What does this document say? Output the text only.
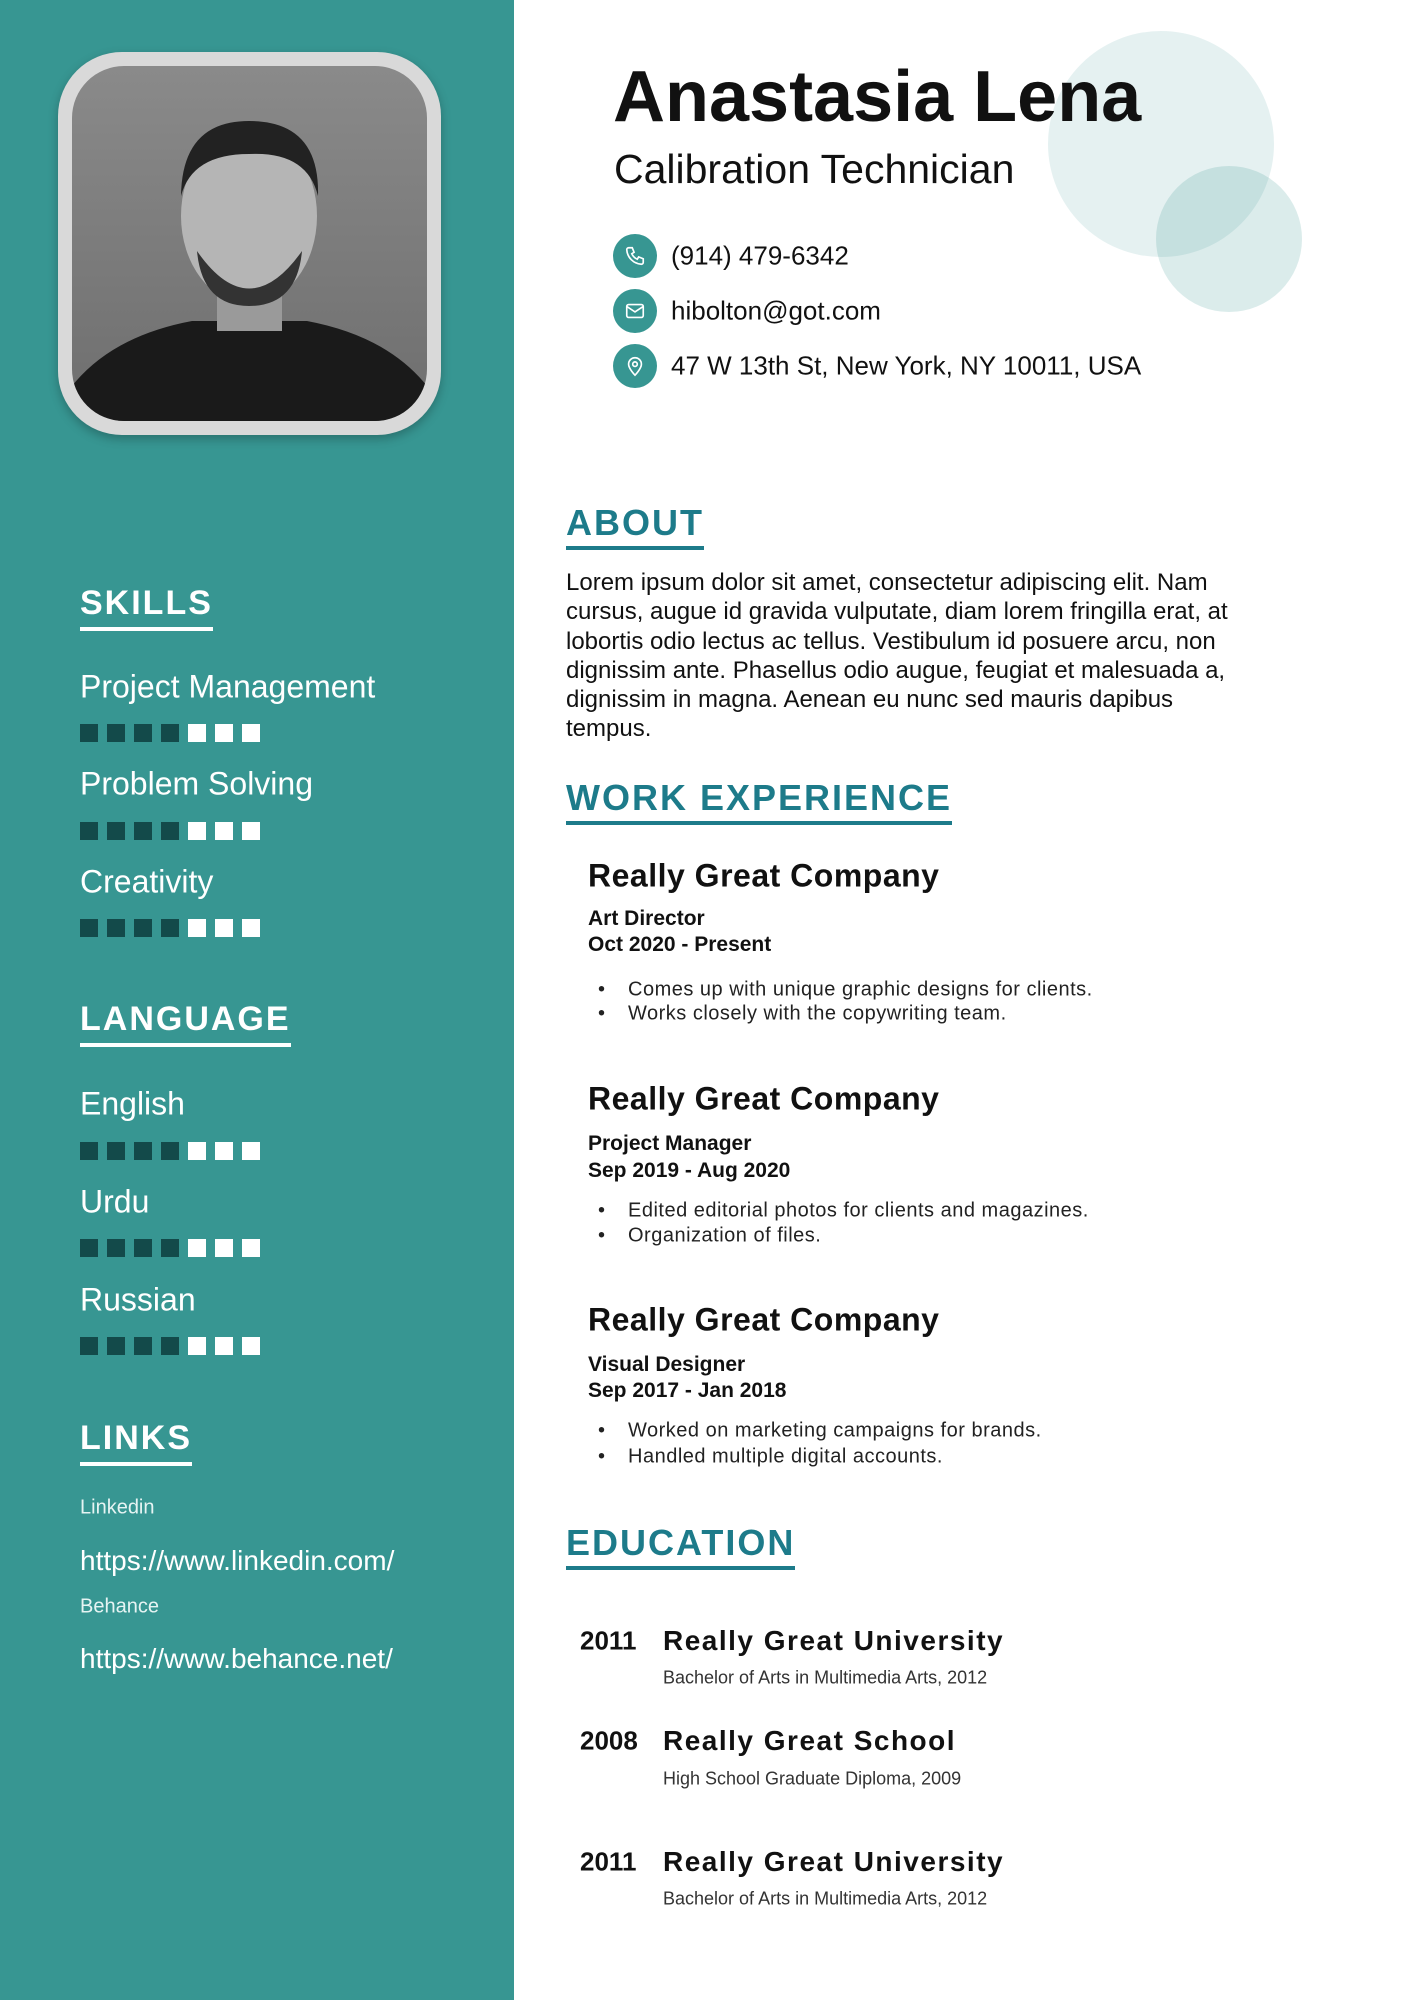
SKILLS
Project Management
Problem Solving
Creativity
LANGUAGE
English
Urdu
Russian
LINKS
Linkedin
https://www.linkedin.com/
Behance
https://www.behance.net/
Anastasia Lena
Calibration Technician
(914) 479-6342
hibolton@got.com
47 W 13th St, New York, NY 10011, USA
ABOUT
Lorem ipsum dolor sit amet, consectetur adipiscing elit. Nam
cursus, augue id gravida vulputate, diam lorem fringilla erat, at
lobortis odio lectus ac tellus. Vestibulum id posuere arcu, non
dignissim ante. Phasellus odio augue, feugiat et malesuada a,
dignissim in magna. Aenean eu nunc sed mauris dapibus
tempus.
WORK EXPERIENCE
Really Great Company
Art Director
Oct 2020 - Present
• Comes up with unique graphic designs for clients.
• Works closely with the copywriting team.
Really Great Company
Project Manager
Sep 2019 - Aug 2020
• Edited editorial photos for clients and magazines.
• Organization of files.
Really Great Company
Visual Designer
Sep 2017 - Jan 2018
• Worked on marketing campaigns for brands.
• Handled multiple digital accounts.
EDUCATION
2011 Really Great University
Bachelor of Arts in Multimedia Arts, 2012
2008 Really Great School
High School Graduate Diploma, 2009
2011 Really Great University
Bachelor of Arts in Multimedia Arts, 2012
